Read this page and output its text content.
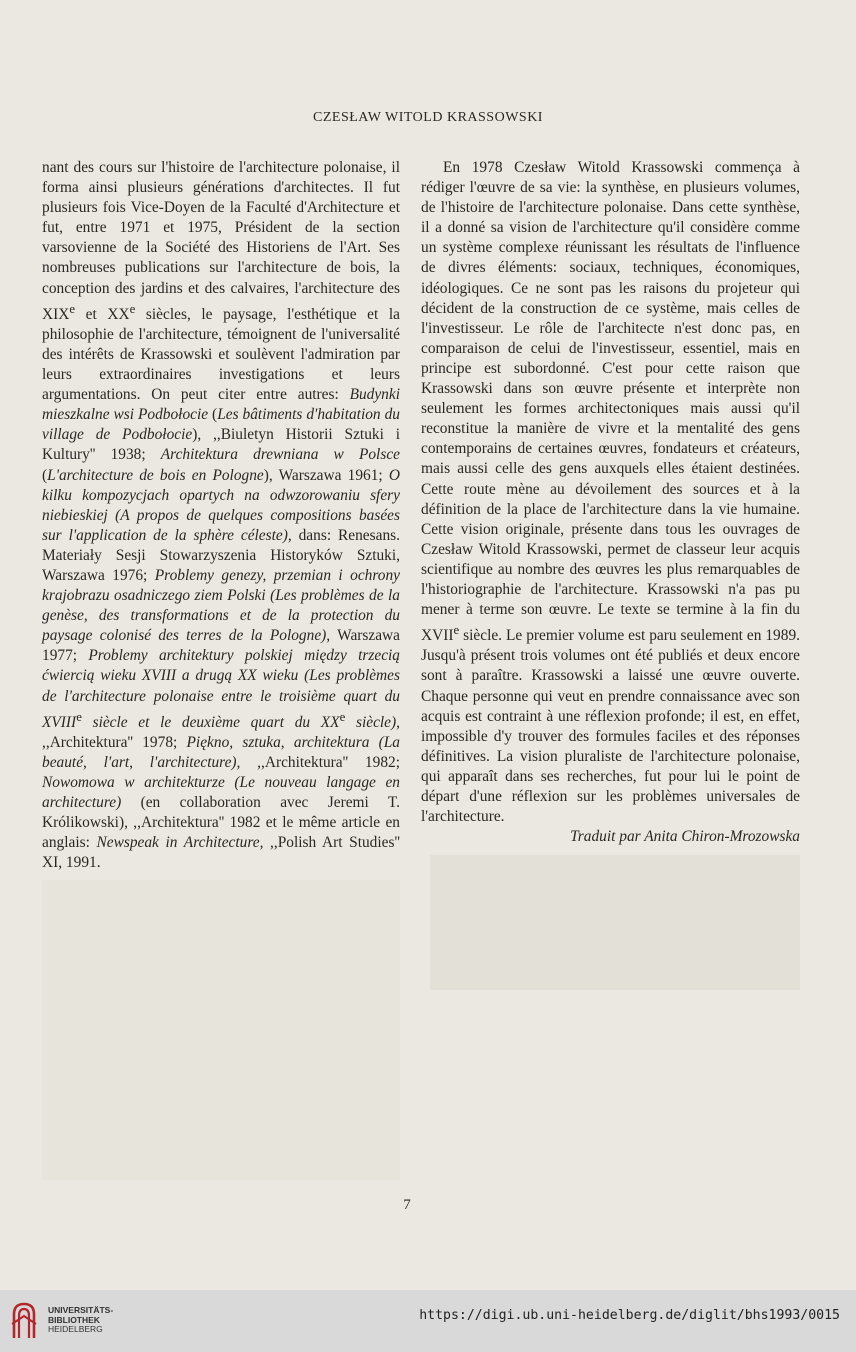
CZESŁAW WITOLD KRASSOWSKI

nant des cours sur l'histoire de l'architecture polonaise, il forma ainsi plusieurs générations d'architectes. Il fut plusieurs fois Vice-Doyen de la Faculté d'Architecture et fut, entre 1971 et 1975, Président de la section varsovienne de la Société des Historiens de l'Art. Ses nombreuses publications sur l'architecture de bois, la conception des jardins et des calvaires, l'architecture des XIXe et XXe siècles, le paysage, l'esthétique et la philosophie de l'architecture, témoignent de l'universalité des intérêts de Krassowski et soulèvent l'admiration par leurs extraordinaires investigations et leurs argumentations. On peut citer entre autres: Budynki mieszkalne wsi Podbołocie (Les bâtiments d'habitation du village de Podbołocie), ,,Biuletyn Historii Sztuki i Kultury'' 1938; Architektura drewniana w Polsce (L'architecture de bois en Pologne), Warszawa 1961; O kilku kompozycjach opartych na odwzorowaniu sfery niebieskiej (A propos de quelques compositions basées sur l'application de la sphère céleste), dans: Renesans. Materiały Sesji Stowarzyszenia Historyków Sztuki, Warszawa 1976; Problemy genezy, przemian i ochrony krajobrazu osadniczego ziem Polski (Les problèmes de la genèse, des transformations et de la protection du paysage colonisé des terres de la Pologne), Warszawa 1977; Problemy architektury polskiej między trzecią ćwiercią wieku XVIII a drugą XX wieku (Les problèmes de l'architecture polonaise entre le troisième quart du XVIIIe siècle et le deuxième quart du XXe siècle), ,,Architektura'' 1978; Piękno, sztuka, architektura (La beauté, l'art, l'architecture), ,,Architektura'' 1982; Nowomowa w architekturze (Le nouveau langage en architecture) (en collaboration avec Jeremi T. Królikowski), ,,Architektura'' 1982 et le même article en anglais: Newspeak in Architecture, ,,Polish Art Studies'' XI, 1991.

En 1978 Czesław Witold Krassowski commença à rédiger l'œuvre de sa vie: la synthèse, en plusieurs volumes, de l'histoire de l'architecture polonaise. Dans cette synthèse, il a donné sa vision de l'architecture qu'il considère comme un système complexe réunissant les résultats de l'influence de divres éléments: sociaux, techniques, économiques, idéologiques. Ce ne sont pas les raisons du projeteur qui décident de la construction de ce système, mais celles de l'investisseur. Le rôle de l'architecte n'est donc pas, en comparaison de celui de l'investisseur, essentiel, mais en principe est subordonné. C'est pour cette raison que Krassowski dans son œuvre présente et interprète non seulement les formes architectoniques mais aussi qu'il reconstitue la manière de vivre et la mentalité des gens contemporains de certaines œuvres, fondateurs et créateurs, mais aussi celle des gens auxquels elles étaient destinées. Cette route mène au dévoilement des sources et à la définition de la place de l'architecture dans la vie humaine. Cette vision originale, présente dans tous les ouvrages de Czesław Witold Krassowski, permet de classeur leur acquis scientifique au nombre des œuvres les plus remarquables de l'historiographie de l'architecture. Krassowski n'a pas pu mener à terme son œuvre. Le texte se termine à la fin du XVIIe siècle. Le premier volume est paru seulement en 1989. Jusqu'à présent trois volumes ont été publiés et deux encore sont à paraître. Krassowski a laissé une œuvre ouverte. Chaque personne qui veut en prendre connaissance avec son acquis est contraint à une réflexion profonde; il est, en effet, impossible d'y trouver des formules faciles et des réponses définitives. La vision pluraliste de l'architecture polonaise, qui apparaît dans ses recherches, fut pour lui le point de départ d'une réflexion sur les problèmes universales de l'architecture.

Traduit par Anita Chiron-Mrozowska

7
UNIVERSITÄTS-
BIBLIOTHEK
HEIDELBERG
https://digi.ub.uni-heidelberg.de/diglit/bhs1993/0015
